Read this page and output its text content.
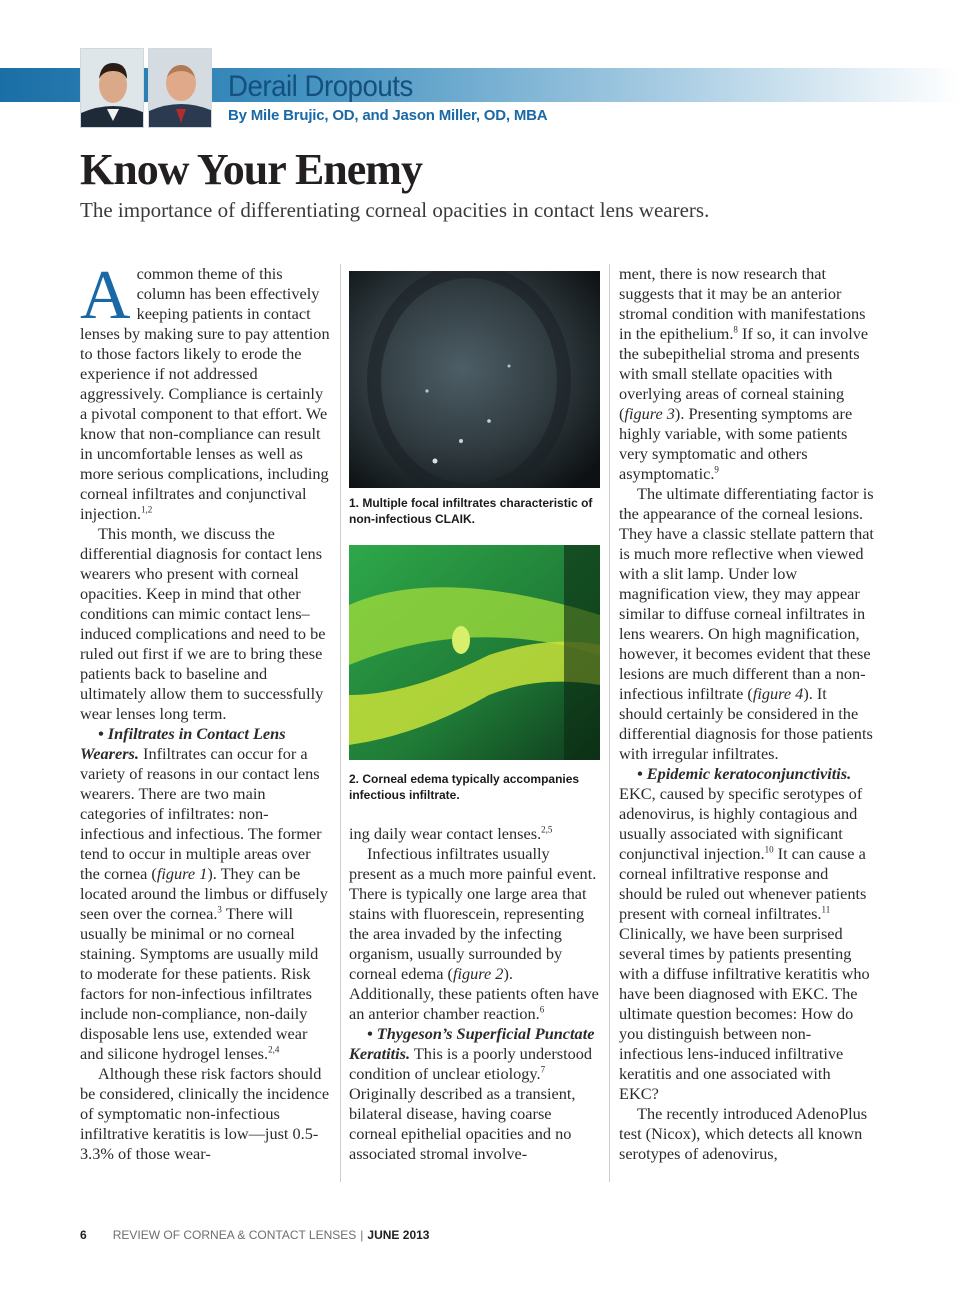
Derail Dropouts
By Mile Brujic, OD, and Jason Miller, OD, MBA
Know Your Enemy
The importance of differentiating corneal opacities in contact lens wearers.

A common theme of this column has been effectively keeping patients in contact lenses by making sure to pay attention to those factors likely to erode the experience if not addressed aggressively. Compliance is certainly a pivotal component to that effort. We know that non-compliance can result in uncomfortable lenses as well as more serious complications, including corneal infiltrates and conjunctival injection.$^{1,2}$

This month, we discuss the differential diagnosis for contact lens wearers who present with corneal opacities. Keep in mind that other conditions can mimic contact lens–induced complications and need to be ruled out first if we are to bring these patients back to baseline and ultimately allow them to successfully wear lenses long term.

• Infiltrates in Contact Lens Wearers. Infiltrates can occur for a variety of reasons in our contact lens wearers. There are two main categories of infiltrates: non-infectious and infectious. The former tend to occur in multiple areas over the cornea (figure 1). They can be located around the limbus or diffusely seen over the cornea.$^3$ There will usually be minimal or no corneal staining. Symptoms are usually mild to moderate for these patients. Risk factors for non-infectious infiltrates include non-compliance, non-daily disposable lens use, extended wear and silicone hydrogel lenses.$^{2,4}$

Although these risk factors should be considered, clinically the incidence of symptomatic non-infectious infiltrative keratitis is low—just 0.5-3.3% of those wear-

1. Multiple focal infiltrates characteristic of non-infectious CLAIK.
2. Corneal edema typically accompanies infectious infiltrate.

ing daily wear contact lenses.$^{2,5}$

Infectious infiltrates usually present as a much more painful event. There is typically one large area that stains with fluorescein, representing the area invaded by the infecting organism, usually surrounded by corneal edema (figure 2). Additionally, these patients often have an anterior chamber reaction.$^6$

• Thygeson’s Superficial Punctate Keratitis. This is a poorly understood condition of unclear etiology.$^7$ Originally described as a transient, bilateral disease, having coarse corneal epithelial opacities and no associated stromal involve-

ment, there is now research that suggests that it may be an anterior stromal condition with manifestations in the epithelium.$^8$ If so, it can involve the subepithelial stroma and presents with small stellate opacities with overlying areas of corneal staining (figure 3). Presenting symptoms are highly variable, with some patients very symptomatic and others asymptomatic.$^9$

The ultimate differentiating factor is the appearance of the corneal lesions. They have a classic stellate pattern that is much more reflective when viewed with a slit lamp. Under low magnification view, they may appear similar to diffuse corneal infiltrates in lens wearers. On high magnification, however, it becomes evident that these lesions are much different than a non-infectious infiltrate (figure 4). It should certainly be considered in the differential diagnosis for those patients with irregular infiltrates.

• Epidemic keratoconjunctivitis. EKC, caused by specific serotypes of adenovirus, is highly contagious and usually associated with significant conjunctival injection.$^{10}$ It can cause a corneal infiltrative response and should be ruled out whenever patients present with corneal infiltrates.$^{11}$ Clinically, we have been surprised several times by patients presenting with a diffuse infiltrative keratitis who have been diagnosed with EKC. The ultimate question becomes: How do you distinguish between non-infectious lens-induced infiltrative keratitis and one associated with EKC?

The recently introduced AdenoPlus test (Nicox), which detects all known serotypes of adenovirus,

6 REVIEW OF CORNEA & CONTACT LENSES | JUNE 2013
